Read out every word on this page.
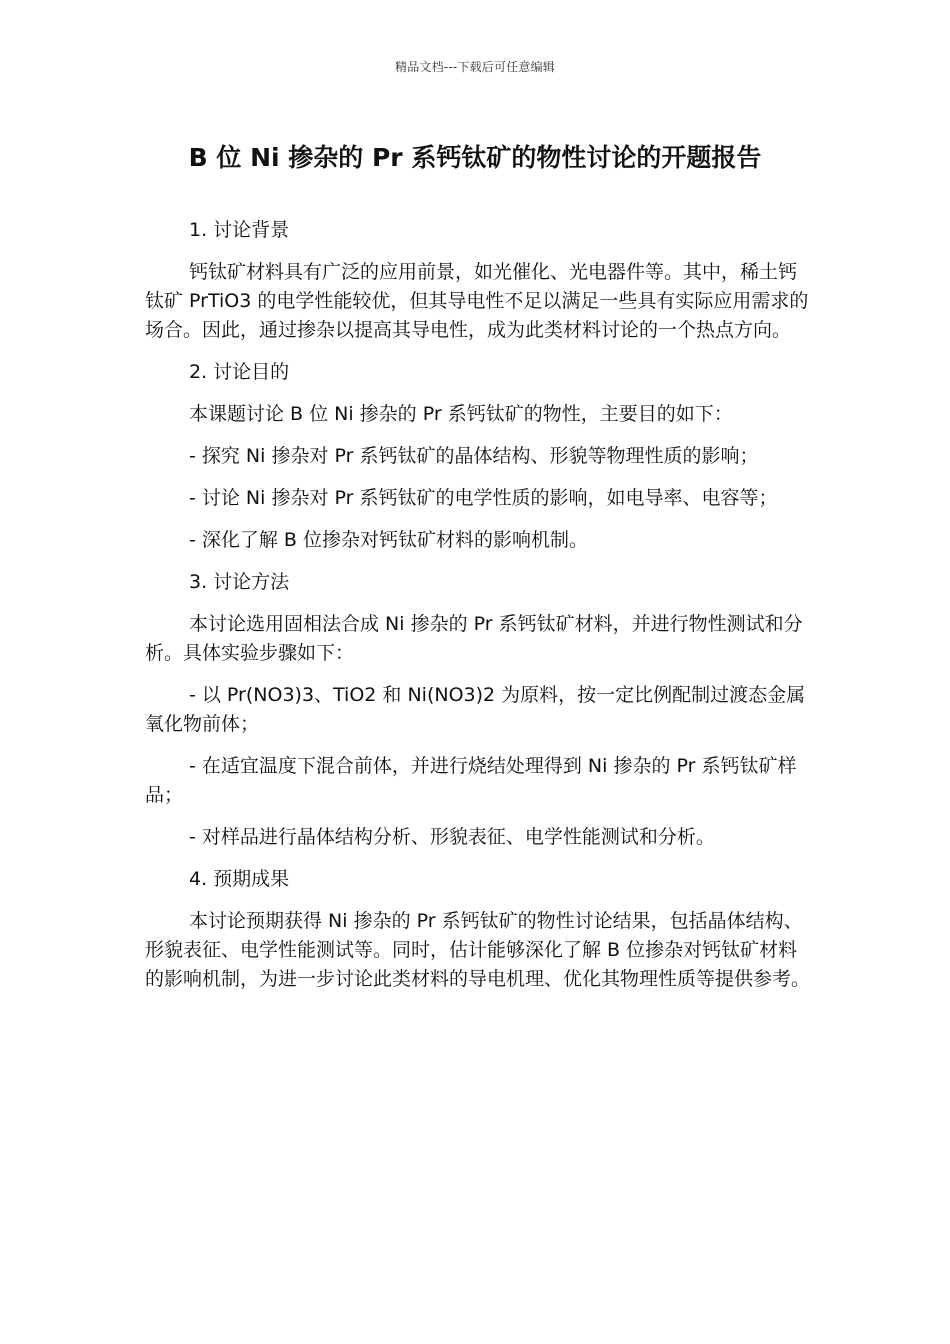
精品文档---下载后可任意编辑
B 位 Ni 掺杂的 Pr 系钙钛矿的物性讨论的开题报告

1. 讨论背景

钙钛矿材料具有广泛的应用前景，如光催化、光电器件等。其中，稀土钙钛矿 PrTiO3 的电学性能较优，但其导电性不足以满足一些具有实际应用需求的场合。因此，通过掺杂以提高其导电性，成为此类材料讨论的一个热点方向。

2. 讨论目的

本课题讨论 B 位 Ni 掺杂的 Pr 系钙钛矿的物性，主要目的如下：

- 探究 Ni 掺杂对 Pr 系钙钛矿的晶体结构、形貌等物理性质的影响；

- 讨论 Ni 掺杂对 Pr 系钙钛矿的电学性质的影响，如电导率、电容等；

- 深化了解 B 位掺杂对钙钛矿材料的影响机制。

3. 讨论方法

本讨论选用固相法合成 Ni 掺杂的 Pr 系钙钛矿材料，并进行物性测试和分析。具体实验步骤如下：

- 以 Pr(NO3)3、TiO2 和 Ni(NO3)2 为原料，按一定比例配制过渡态金属氧化物前体；

- 在适宜温度下混合前体，并进行烧结处理得到 Ni 掺杂的 Pr 系钙钛矿样品；

- 对样品进行晶体结构分析、形貌表征、电学性能测试和分析。

4. 预期成果

本讨论预期获得 Ni 掺杂的 Pr 系钙钛矿的物性讨论结果，包括晶体结构、形貌表征、电学性能测试等。同时，估计能够深化了解 B 位掺杂对钙钛矿材料的影响机制，为进一步讨论此类材料的导电机理、优化其物理性质等提供参考。
